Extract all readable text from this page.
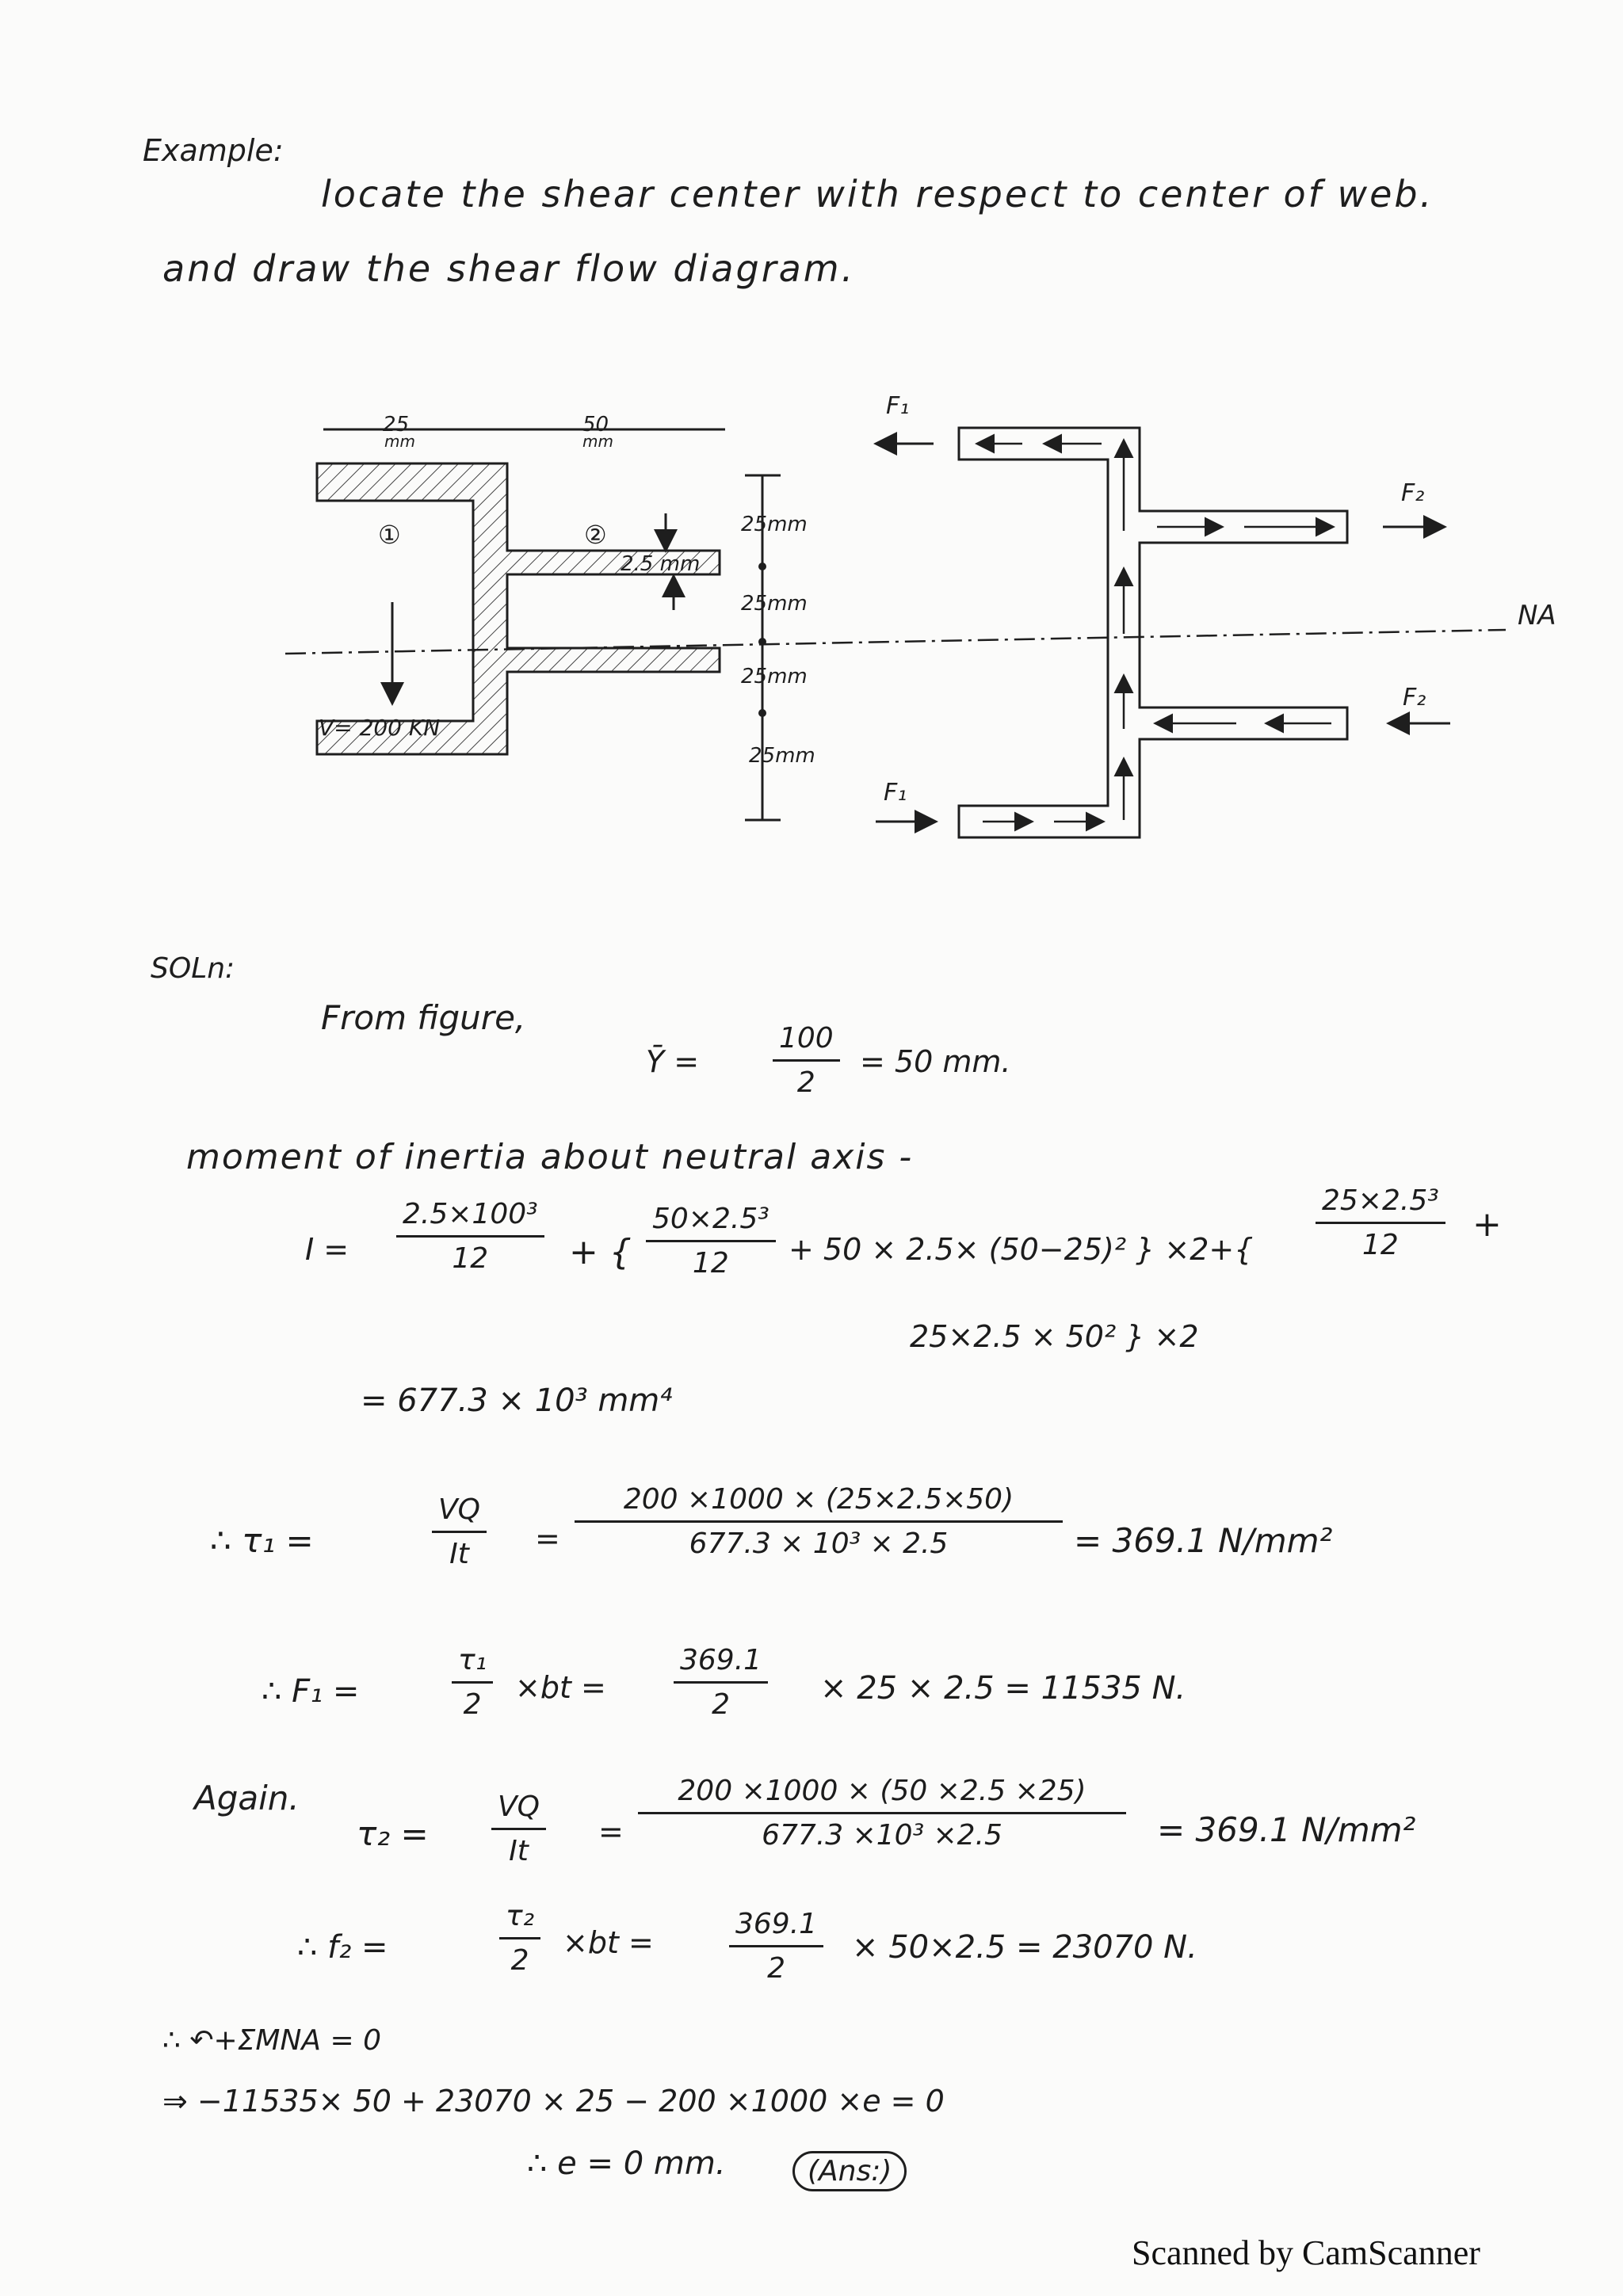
Example:
locate the shear center with respect to center of web.
and draw the shear flow diagram.
25
mm
50
mm
①	②
2.5 mm
NA
V= 200 KN
25mm
25mm
25mm
25mm
F₁
F₁
F₂
F₂
SOLn:
From figure,
Ȳ =	$\frac{100}{2} = 50$ mm.
moment of inertia about neutral axis -
$I = \frac{\text{2.5×100³}}{12}$ + { $\frac{\text{50×2.5³}}{12} + 50 \times 2.5\times (50-25)^2$ } $\times 2+\{ \frac{\text{25×2.5³}}{12}$ +
25×2.5 × 50² } ×2
= 677.3 × 10³ mm⁴
∴ τ₁ =	$\frac{VQ}{It} = \frac{200 \times 1000 \times (25\times 2.5\times 50)}{\text{677.3 × 10³ × 2.5}} = 369.1$ N/mm²
∴ F₁ =	$\frac{\text{τ₁}}{2} \times bt = \frac{369.1}{2} \times 25 \times 2.5 = 11535$ N.
Again.
$\tau_2 = \frac{VQ}{It} = \frac{200 \times 1000 \times (50 \times 2.5 \times 25)}{\text{677.3 ×10³ ×2.5}} = 369.1$ N/mm²
∴ f₂ =	$\frac{\text{τ₂}}{2} \times bt$ =	$\frac{369.1}{2} \times 50\times 2.5 = 23070$ N.
∴ ↶+ΣMNA = 0
⇒ −11535× 50 + 23070 × 25 − 200 ×1000 ×e = 0
∴ e = 0 mm.	(Ans:)
Scanned by CamScanner
